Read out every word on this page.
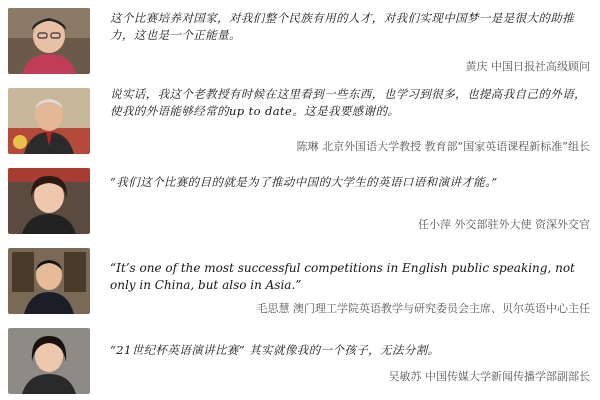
这个比赛培养对国家，对我们整个民族有用的人才，对我们实现中国梦一是是很大的助推力，这也是一个正能量。
黄庆 中国日报社高级顾问
说实话，我这个老教授有时候在这里看到一些东西，也学习到很多，也提高我自己的外语，使我的外语能够经常的up to date。这是我要感谢的。
陈琳 北京外国语大学教授 教育部“国家英语课程新标准”组长
“我们这个比赛的目的就是为了推动中国的大学生的英语口语和演讲才能。”
任小萍 外交部驻外大使 资深外交官
“It’s one of the most successful competitions in English public speaking, not only in China, but also in Asia.”
毛思慧 澳门理工学院英语教学与研究委员会主席、贝尔英语中心主任
“21世纪杯英语演讲比赛” 其实就像我的一个孩子，无法分割。
吴敏苏 中国传媒大学新闻传播学部副部长
